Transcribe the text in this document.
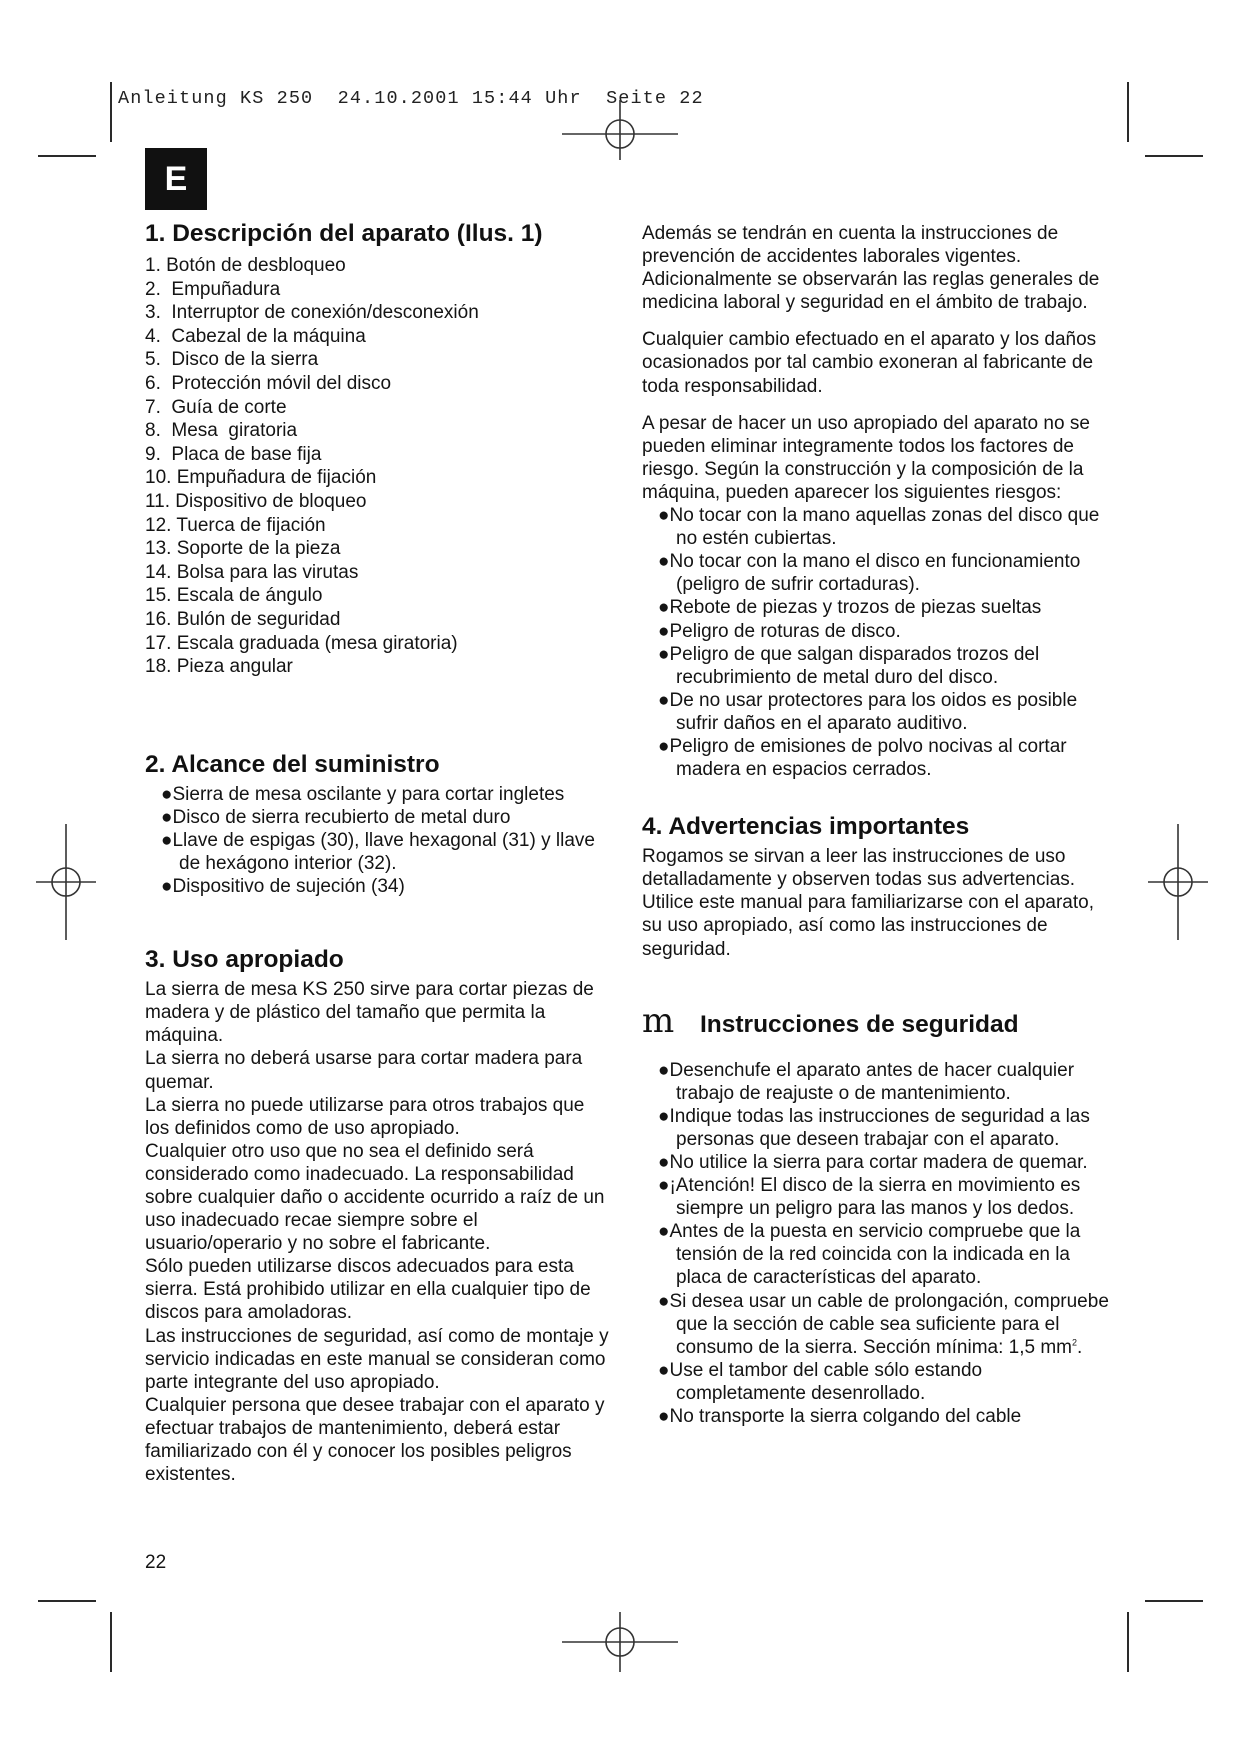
Anleitung KS 250  24.10.2001 15:44 Uhr  Seite 22
E
1. Descripción del aparato (Ilus. 1)
1. Botón de desbloqueo
2.  Empuñadura
3.  Interruptor de conexión/desconexión
4.  Cabezal de la máquina
5.  Disco de la sierra
6.  Protección móvil del disco
7.  Guía de corte
8.  Mesa  giratoria
9.  Placa de base fija
10. Empuñadura de fijación
11. Dispositivo de bloqueo
12. Tuerca de fijación
13. Soporte de la pieza
14. Bolsa para las virutas
15. Escala de ángulo
16. Bulón de seguridad
17. Escala graduada (mesa giratoria)
18. Pieza angular
2. Alcance del suministro

●Sierra de mesa oscilante y para cortar ingletes

●Disco de sierra recubierto de metal duro

●Llave de espigas (30), llave hexagonal (31) y llave de hexágono interior (32).

●Dispositivo de sujeción (34)

3. Uso apropiado

La sierra de mesa KS 250 sirve para cortar piezas de madera y de plástico del tamaño que permita la máquina.

La sierra no deberá usarse para cortar madera para quemar.

La sierra no puede utilizarse para otros trabajos que los definidos como de uso apropiado.

Cualquier otro uso que no sea el definido será considerado como inadecuado. La responsabilidad sobre cualquier daño o accidente ocurrido a raíz de un uso inadecuado recae siempre sobre el usuario/operario y no sobre el fabricante.

Sólo pueden utilizarse discos adecuados para esta sierra. Está prohibido utilizar en ella cualquier tipo de discos para amoladoras.

Las instrucciones de seguridad, así como de montaje y servicio indicadas en este manual se consideran como parte integrante del uso apropiado.

Cualquier persona que desee trabajar con el aparato y efectuar trabajos de mantenimiento, deberá estar familiarizado con él y conocer los posibles peligros existentes.

Además se tendrán en cuenta la instrucciones de prevención de accidentes laborales vigentes. Adicionalmente se observarán las reglas generales de medicina laboral y seguridad en el ámbito de trabajo.

Cualquier cambio efectuado en el aparato y los daños ocasionados por tal cambio exoneran al fabricante de toda responsabilidad.

A pesar de hacer un uso apropiado del aparato no se pueden eliminar integramente todos los factores de riesgo. Según la construcción y la composición de la máquina, pueden aparecer los siguientes riesgos:

●No tocar con la mano aquellas zonas del disco que no estén cubiertas.

●No tocar con la mano el disco en funcionamiento (peligro de sufrir cortaduras).

●Rebote de piezas y trozos de piezas sueltas

●Peligro de roturas de disco.

●Peligro de que salgan disparados trozos del recubrimiento de metal duro del disco.

●De no usar protectores para los oidos es posible sufrir daños en el aparato auditivo.

●Peligro de emisiones de polvo nocivas al cortar madera en espacios cerrados.

4. Advertencias importantes

Rogamos se sirvan a leer las instrucciones de uso detalladamente y observen todas sus advertencias.

Utilice este manual para familiarizarse con el aparato, su uso apropiado, así como las instrucciones de seguridad.

m	Instrucciones de seguridad

●Desenchufe el aparato antes de hacer cualquier trabajo de reajuste o de mantenimiento.

●Indique todas las instrucciones de seguridad a las personas que deseen trabajar con el aparato.

●No utilice la sierra para cortar madera de quemar.

●¡Atención! El disco de la sierra en movimiento es siempre un peligro para las manos y los dedos.

●Antes de la puesta en servicio compruebe que la tensión de la red coincida con la indicada en la placa de características del aparato.

●Si desea usar un cable de prolongación, compruebe que la sección de cable sea suficiente para el consumo de la sierra. Sección mínima: 1,5 $mm^2$.

●Use el tambor del cable sólo estando completamente desenrollado.

●No transporte la sierra colgando del cable

22
